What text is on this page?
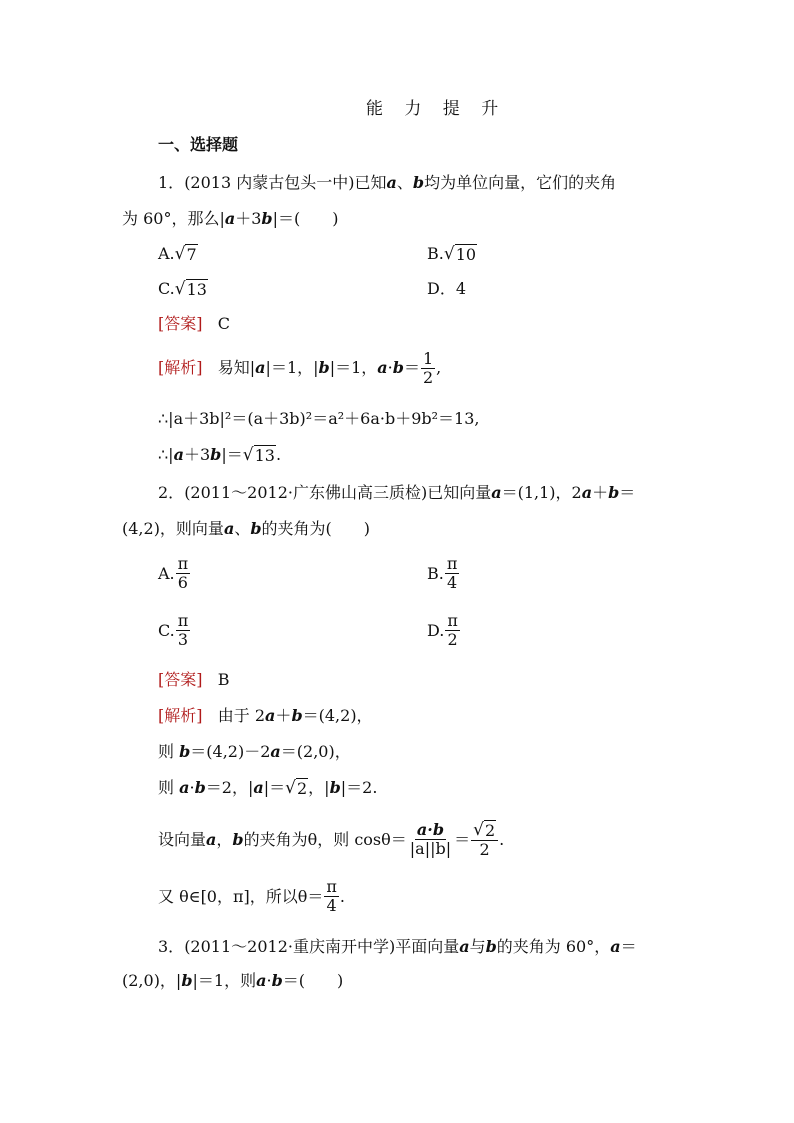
能 力 提 升
一、选择题
1．(2013 内蒙古包头一中)已知a、b均为单位向量，它们的夹角
为 60°，那么|a＋3b|＝(　　)
A. √ 7	B. √ 10
C. √ 13	D．4
[答案] C
[解析] 易知|a|＝1，|b|＝1，$a\cdot b= \frac{1}{2}$ ,
∴|a＋3b|²＝(a＋3b)²＝a²＋6a·b＋9b²＝13,
∴|a＋3b|＝ √ 13 .
2．(2011～2012·广东佛山高三质检)已知向量a＝(1,1)，2a＋b＝
(4,2)，则向量a、b的夹角为(　　)
A. $\frac{\pi}{6}$	B. $\frac{\pi}{4}$
C. $\frac{\pi}{3}$	D. $\frac{\pi}{2}$
[答案] B
[解析] 由于 2a＋b＝(4,2)，
则 b＝(4,2)－2a＝(2,0)，
则 a·b＝2，|a|＝ √ 2 ，|b|＝2.
设向量 a ， b 的夹角为θ，则 $\cos\theta= \frac{a\cdot b}{|a||b|} = \frac{√ 2}{2}$ .
又 θ∈[0，π]，所以$\theta= \frac{\pi}{4}$ .
3．(2011～2012·重庆南开中学)平面向量a与b的夹角为 60°，a＝
(2,0)，|b|＝1，则a·b＝(　　)
